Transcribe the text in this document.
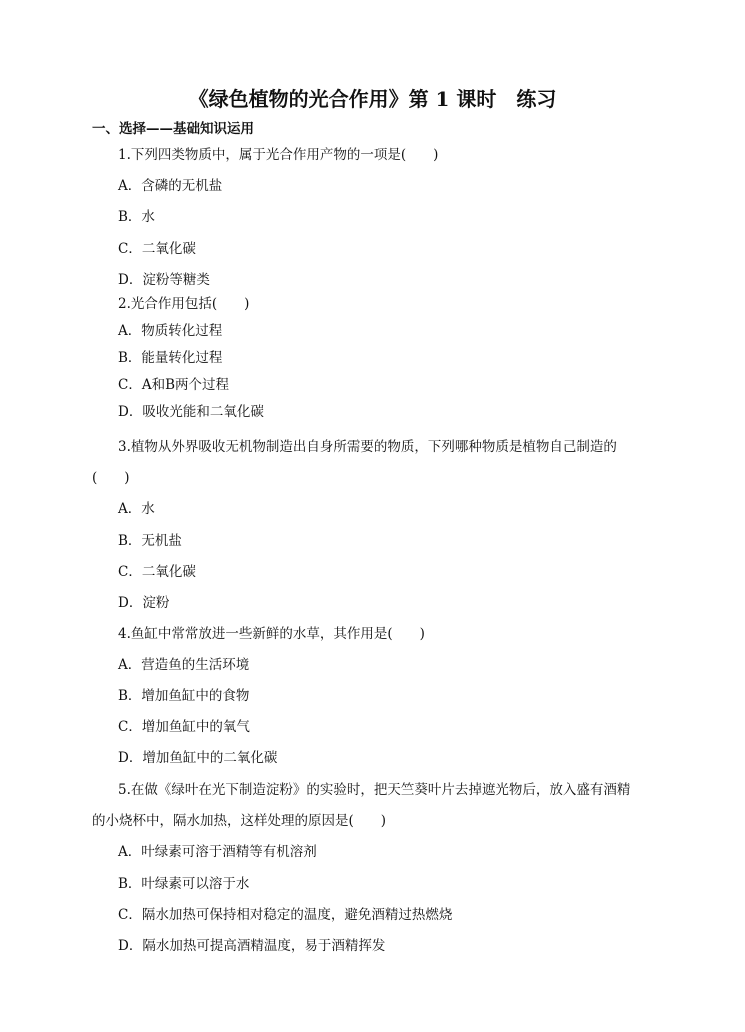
《绿色植物的光合作用》第 1 课时　练习
一、选择——基础知识运用
1.下列四类物质中，属于光合作用产物的一项是(　　)
A．含磷的无机盐
B．水
C．二氧化碳
D．淀粉等糖类
2.光合作用包括(　　)
A．物质转化过程
B．能量转化过程
C．A和B两个过程
D．吸收光能和二氧化碳
3.植物从外界吸收无机物制造出自身所需要的物质，下列哪种物质是植物自己制造的
(　　)
A．水
B．无机盐
C．二氧化碳
D．淀粉
4.鱼缸中常常放进一些新鲜的水草，其作用是(　　)
A．营造鱼的生活环境
B．增加鱼缸中的食物
C．增加鱼缸中的氧气
D．增加鱼缸中的二氧化碳
5.在做《绿叶在光下制造淀粉》的实验时，把天竺葵叶片去掉遮光物后，放入盛有酒精
的小烧杯中，隔水加热，这样处理的原因是(　　)
A．叶绿素可溶于酒精等有机溶剂
B．叶绿素可以溶于水
C．隔水加热可保持相对稳定的温度，避免酒精过热燃烧
D．隔水加热可提高酒精温度，易于酒精挥发
